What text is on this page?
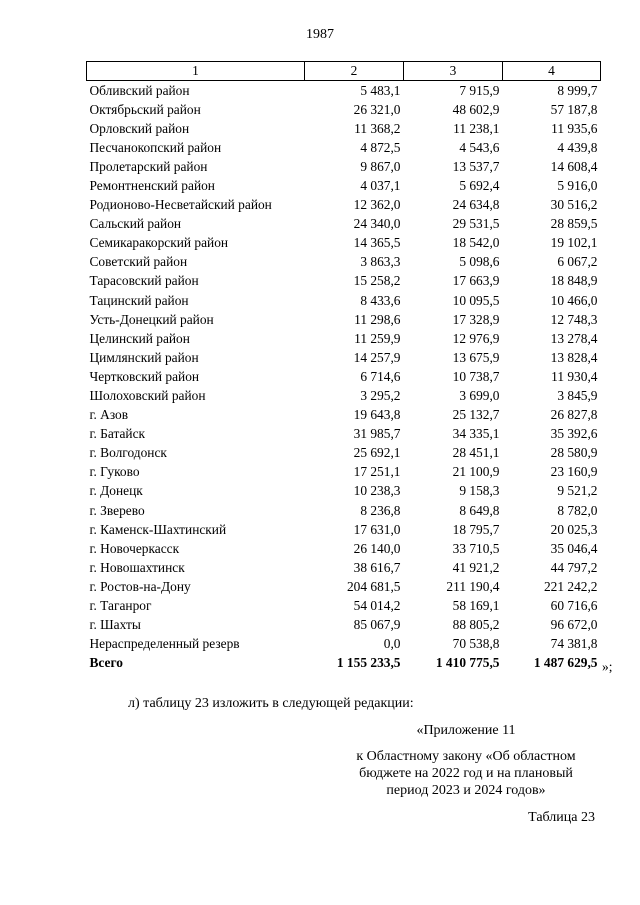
1987
1	2	3	4
Обливский район	5 483,1	7 915,9	8 999,7
Октябрьский район	26 321,0	48 602,9	57 187,8
Орловский район	11 368,2	11 238,1	11 935,6
Песчанокопский район	4 872,5	4 543,6	4 439,8
Пролетарский район	9 867,0	13 537,7	14 608,4
Ремонтненский район	4 037,1	5 692,4	5 916,0
Родионово-Несветайский район	12 362,0	24 634,8	30 516,2
Сальский район	24 340,0	29 531,5	28 859,5
Семикаракорский район	14 365,5	18 542,0	19 102,1
Советский район	3 863,3	5 098,6	6 067,2
Тарасовский район	15 258,2	17 663,9	18 848,9
Тацинский район	8 433,6	10 095,5	10 466,0
Усть-Донецкий район	11 298,6	17 328,9	12 748,3
Целинский район	11 259,9	12 976,9	13 278,4
Цимлянский район	14 257,9	13 675,9	13 828,4
Чертковский район	6 714,6	10 738,7	11 930,4
Шолоховский район	3 295,2	3 699,0	3 845,9
г. Азов	19 643,8	25 132,7	26 827,8
г. Батайск	31 985,7	34 335,1	35 392,6
г. Волгодонск	25 692,1	28 451,1	28 580,9
г. Гуково	17 251,1	21 100,9	23 160,9
г. Донецк	10 238,3	9 158,3	9 521,2
г. Зверево	8 236,8	8 649,8	8 782,0
г. Каменск-Шахтинский	17 631,0	18 795,7	20 025,3
г. Новочеркасск	26 140,0	33 710,5	35 046,4
г. Новошахтинск	38 616,7	41 921,2	44 797,2
г. Ростов-на-Дону	204 681,5	211 190,4	221 242,2
г. Таганрог	54 014,2	58 169,1	60 716,6
г. Шахты	85 067,9	88 805,2	96 672,0
Нераспределенный резерв	0,0	70 538,8	74 381,8
Всего	1 155 233,5	1 410 775,5	1 487 629,5 »;
л) таблицу 23 изложить в следующей редакции:
«Приложение 11
к Областному закону «Об областном
бюджете на 2022 год и на плановый
период 2023 и 2024 годов»
Таблица 23
